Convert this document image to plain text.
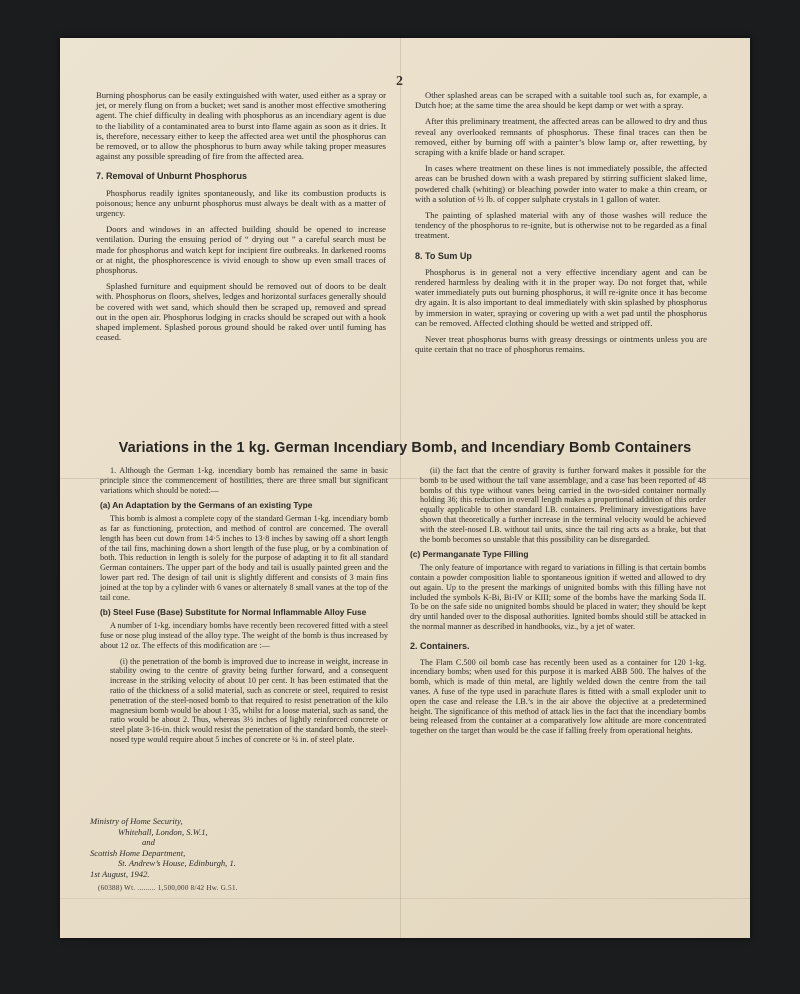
2

Burning phosphorus can be easily extinguished with water, used either as a spray or jet, or merely flung on from a bucket; wet sand is another most effective smothering agent. The chief difficulty in dealing with phosphorus as an incendiary agent is due to the liability of a contaminated area to burst into flame again as soon as it dries. It is, therefore, necessary either to keep the affected area wet until the phosphorus can be removed, or to allow the phosphorus to burn away while taking proper measures against any possible spreading of fire from the affected area.

7. Removal of Unburnt Phosphorus

Phosphorus readily ignites spontaneously, and like its combustion products is poisonous; hence any unburnt phosphorus must always be dealt with as a matter of urgency.

Doors and windows in an affected building should be opened to increase ventilation. During the ensuing period of “ drying out ” a careful search must be made for phosphorus and watch kept for incipient fire outbreaks. In darkened rooms or at night, the phosphorescence is vivid enough to show up even small traces of phosphorus.

Splashed furniture and equipment should be removed out of doors to be dealt with. Phosphorus on floors, shelves, ledges and horizontal surfaces generally should be covered with wet sand, which should then be scraped up, removed and spread out in the open air. Phosphorus lodging in cracks should be scraped out with a hook shaped implement. Splashed porous ground should be raked over until fuming has ceased.

Other splashed areas can be scraped with a suitable tool such as, for example, a Dutch hoe; at the same time the area should be kept damp or wet with a spray.

After this preliminary treatment, the affected areas can be allowed to dry and thus reveal any overlooked remnants of phosphorus. These final traces can then be removed, either by burning off with a painter’s blow lamp or, after rewetting, by scraping with a knife blade or hand scraper.

In cases where treatment on these lines is not immediately possible, the affected areas can be brushed down with a wash prepared by stirring sufficient slaked lime, powdered chalk (whiting) or bleaching powder into water to make a thin cream, or with a solution of ½ lb. of copper sulphate crystals in 1 gallon of water.

The painting of splashed material with any of those washes will reduce the tendency of the phosphorus to re-ignite, but is otherwise not to be regarded as a final treatment.

8. To Sum Up

Phosphorus is in general not a very effective incendiary agent and can be rendered harmless by dealing with it in the proper way. Do not forget that, while water immediately puts out burning phosphorus, it will re-ignite once it has become dry again. It is also important to deal immediately with skin splashed by phosphorus by immersion in water, spraying or covering up with a wet pad until the phosphorus can be removed. Affected clothing should be wetted and stripped off.

Never treat phosphorus burns with greasy dressings or ointments unless you are quite certain that no trace of phosphorus remains.

Variations in the 1 kg. German Incendiary Bomb, and Incendiary Bomb Containers

1. Although the German 1-kg. incendiary bomb has remained the same in basic principle since the commencement of hostilities, there are three small but significant variations which should be noted:—

(a) An Adaptation by the Germans of an existing Type

This bomb is almost a complete copy of the standard German 1-kg. incendiary bomb as far as functioning, protection, and method of control are concerned. The overall length has been cut down from 14·5 inches to 13·8 inches by sawing off a short length of the tail fins, machining down a short length of the fuse plug, or by a combination of both. This reduction in length is solely for the purpose of adapting it to fit all standard German containers. The upper part of the body and tail is usually painted green and the lower part red. The design of tail unit is slightly different and consists of 3 main fins joined at the top by a cylinder with 6 vanes or alternately 8 small vanes at the top of the tail cone.

(b) Steel Fuse (Base) Substitute for Normal Inflammable Alloy Fuse

A number of 1-kg. incendiary bombs have recently been recovered fitted with a steel fuse or nose plug instead of the alloy type. The weight of the bomb is thus increased by about 12 oz. The effects of this modification are :—

(i) the penetration of the bomb is improved due to increase in weight, increase in stability owing to the centre of gravity being further forward, and a consequent increase in the striking velocity of about 10 per cent. It has been estimated that the ratio of the thickness of a solid material, such as concrete or steel, required to resist penetration of the steel-nosed bomb to that required to resist penetration of the kilo magnesium bomb would be about 1·35, whilst for a loose material, such as sand, the ratio would be about 2. Thus, whereas 3½ inches of lightly reinforced concrete or steel plate 3-16-in. thick would resist the penetration of the standard bomb, the steel-nosed type would require about 5 inches of concrete or ¼ in. of steel plate.

(ii) the fact that the centre of gravity is further forward makes it possible for the bomb to be used without the tail vane assemblage, and a case has been reported of 48 bombs of this type without vanes being carried in the two-sided container normally holding 36; this reduction in overall length makes a proportional addition of this order equally applicable to other standard I.B. containers. Preliminary investigations have shown that theoretically a further increase in the terminal velocity would be achieved with the steel-nosed I.B. without tail units, since the tail ring acts as a brake, but that the bomb becomes so unstable that this possibility can be disregarded.

(c) Permanganate Type Filling

The only feature of importance with regard to variations in filling is that certain bombs contain a powder composition liable to spontaneous ignition if wetted and allowed to dry out again. Up to the present the markings of unignited bombs with this filling have not included the symbols K-Bi, Bi-IV or KIII; some of the bombs have the marking Soda II. To be on the safe side no unignited bombs should be placed in water; they should be kept dry until handed over to the disposal authorities. Ignited bombs should still be attacked in the normal manner as described in handbooks, viz., by a jet of water.

2. Containers.

The Flam C.500 oil bomb case has recently been used as a container for 120 1-kg. incendiary bombs; when used for this purpose it is marked ABB 500. The halves of the bomb, which is made of thin metal, are lightly welded down the centre from the tail vanes. A fuse of the type used in parachute flares is fitted with a small exploder unit to open the case and release the I.B.’s in the air above the objective at a predetermined height. The significance of this method of attack lies in the fact that the incendiary bombs being released from the container at a comparatively low altitude are more concentrated together on the target than would be the case if falling freely from operational heights.

Ministry of Home Security,
Whitehall, London, S.W.1,
and
Scottish Home Department,
St. Andrew’s House, Edinburgh, 1.
1st August, 1942.
(60388) Wt. ......... 1,500,000 8/42 Hw. G.51.
